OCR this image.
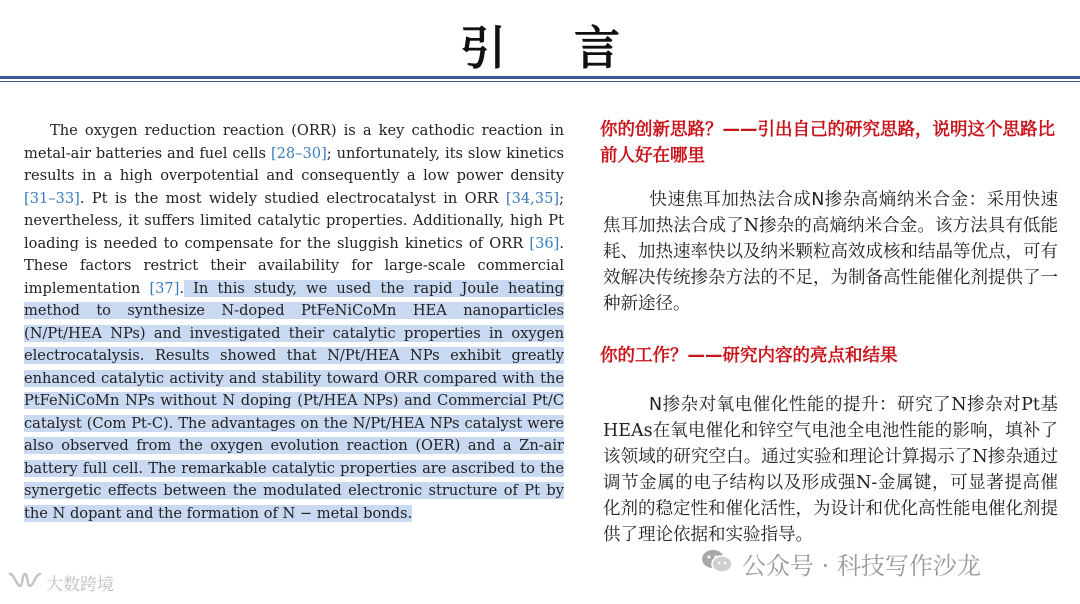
引 言
The oxygen reduction reaction (ORR) is a key cathodic reaction in metal-air batteries and fuel cells [28–30]; unfortunately, its slow kinetics results in a high overpotential and consequently a low power density [31–33]. Pt is the most widely studied electrocatalyst in ORR [34,35]; nevertheless, it suffers limited catalytic properties. Additionally, high Pt loading is needed to compensate for the sluggish kinetics of ORR [36]. These factors restrict their availability for large-scale commercial implementation [37]. In this study, we used the rapid Joule heating method to synthesize N-doped PtFeNiCoMn HEA nanoparticles (N/Pt/HEA NPs) and investigated their catalytic properties in oxygen electrocatalysis. Results showed that N/Pt/HEA NPs exhibit greatly enhanced catalytic activity and stability toward ORR compared with the PtFeNiCoMn NPs without N doping (Pt/HEA NPs) and Commercial Pt/C catalyst (Com Pt-C). The advantages on the N/Pt/HEA NPs catalyst were also observed from the oxygen evolution reaction (OER) and a Zn-air battery full cell. The remarkable catalytic properties are ascribed to the synergetic effects between the modulated electronic structure of Pt by the N dopant and the formation of N − metal bonds.
你的创新思路？——引出自己的研究思路，说明这个思路比前人好在哪里
快速焦耳加热法合成N掺杂高熵纳米合金：采用快速焦耳加热法合成了N掺杂的高熵纳米合金。该方法具有低能耗、加热速率快以及纳米颗粒高效成核和结晶等优点，可有效解决传统掺杂方法的不足，为制备高性能催化剂提供了一种新途径。
你的工作？——研究内容的亮点和结果
N掺杂对氧电催化性能的提升：研究了N掺杂对Pt基HEAs在氧电催化和锌空气电池全电池性能的影响，填补了该领域的研究空白。通过实验和理论计算揭示了N掺杂通过调节金属的电子结构以及形成强N-金属键，可显著提高催化剂的稳定性和催化活性，为设计和优化高性能电催化剂提供了理论依据和实验指导。
大数跨境
公众号 · 科技写作沙龙
